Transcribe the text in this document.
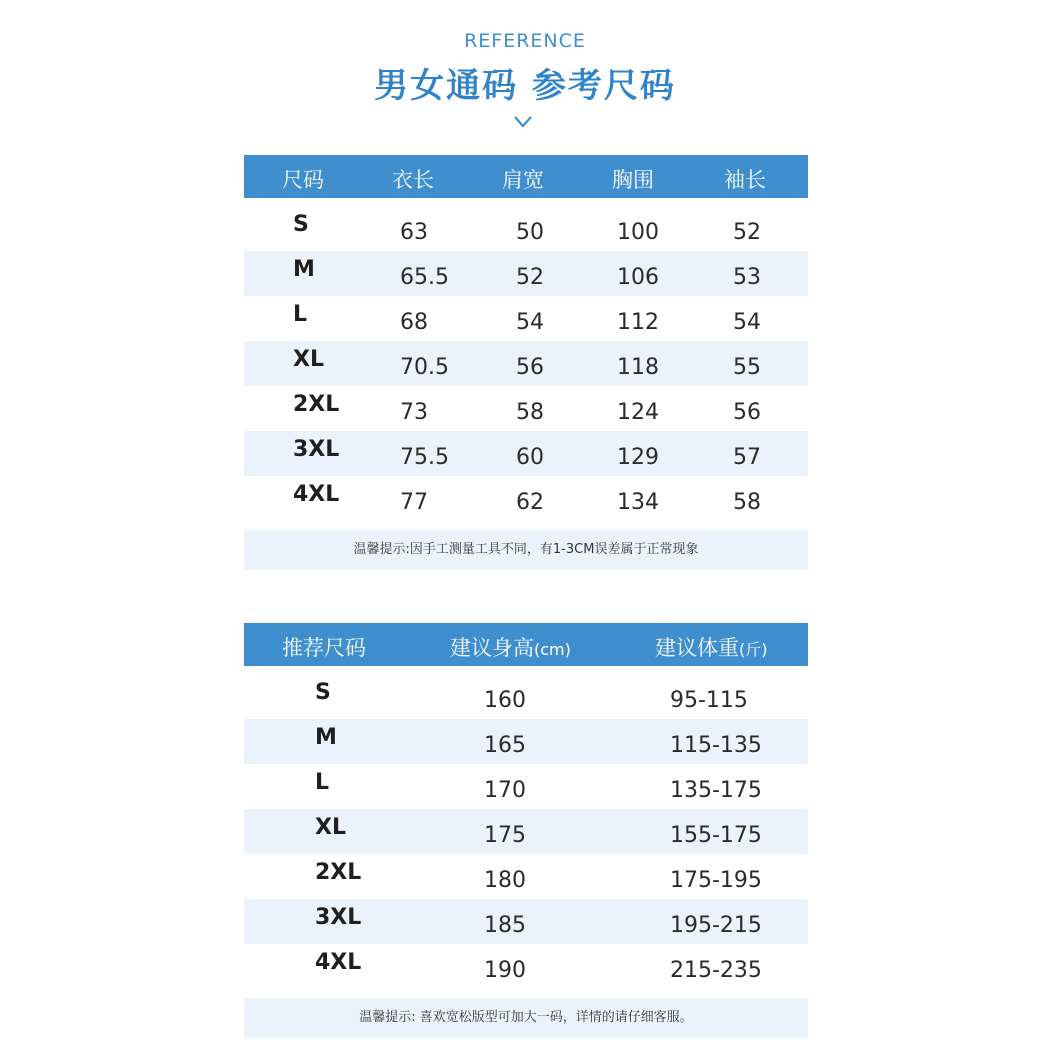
REFERENCE
男女通码 参考尺码
尺码	衣长	肩宽	胸围	袖长
S	63	50	100	52
M	65.5	52	106	53
L	68	54	112	54
XL	70.5	56	118	55
2XL	73	58	124	56
3XL	75.5	60	129	57
4XL	77	62	134	58
温馨提示:因手工测量工具不同，有1-3CM误差属于正常现象
推荐尺码	建议身高(cm)	建议体重(斤)
S	160	95-115
M	165	115-135
L	170	135-175
XL	175	155-175
2XL	180	175-195
3XL	185	195-215
4XL	190	215-235
温馨提示: 喜欢宽松版型可加大一码，详情的请仔细客服。
